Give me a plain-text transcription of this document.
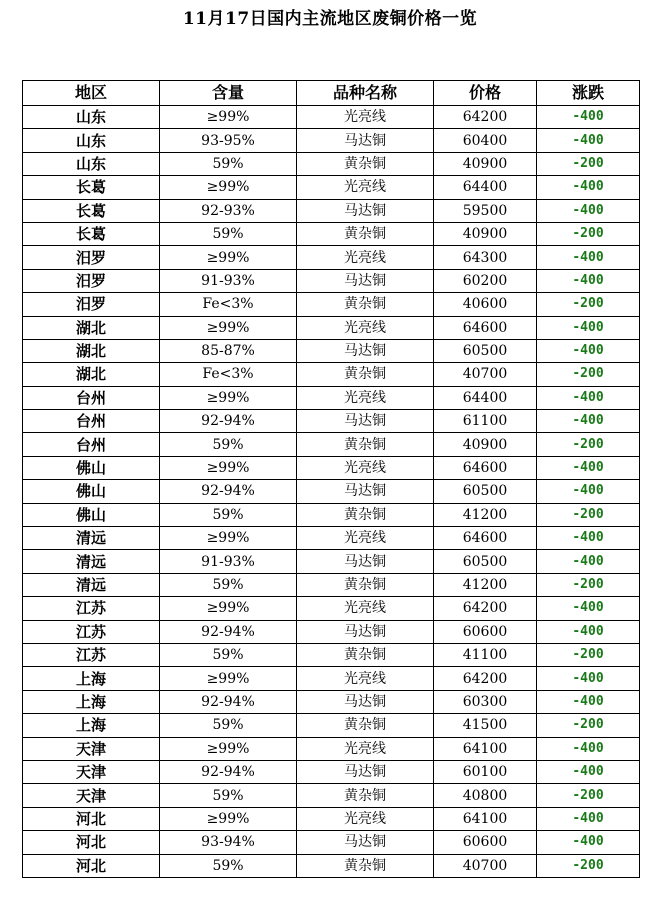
11月17日国内主流地区废铜价格一览
地区	含量	品种名称	价格	涨跌
山东	≥99%	光亮线	64200	-400
山东	93-95%	马达铜	60400	-400
山东	59%	黄杂铜	40900	-200
长葛	≥99%	光亮线	64400	-400
长葛	92-93%	马达铜	59500	-400
长葛	59%	黄杂铜	40900	-200
汨罗	≥99%	光亮线	64300	-400
汨罗	91-93%	马达铜	60200	-400
汨罗	Fe<3%	黄杂铜	40600	-200
湖北	≥99%	光亮线	64600	-400
湖北	85-87%	马达铜	60500	-400
湖北	Fe<3%	黄杂铜	40700	-200
台州	≥99%	光亮线	64400	-400
台州	92-94%	马达铜	61100	-400
台州	59%	黄杂铜	40900	-200
佛山	≥99%	光亮线	64600	-400
佛山	92-94%	马达铜	60500	-400
佛山	59%	黄杂铜	41200	-200
清远	≥99%	光亮线	64600	-400
清远	91-93%	马达铜	60500	-400
清远	59%	黄杂铜	41200	-200
江苏	≥99%	光亮线	64200	-400
江苏	92-94%	马达铜	60600	-400
江苏	59%	黄杂铜	41100	-200
上海	≥99%	光亮线	64200	-400
上海	92-94%	马达铜	60300	-400
上海	59%	黄杂铜	41500	-200
天津	≥99%	光亮线	64100	-400
天津	92-94%	马达铜	60100	-400
天津	59%	黄杂铜	40800	-200
河北	≥99%	光亮线	64100	-400
河北	93-94%	马达铜	60600	-400
河北	59%	黄杂铜	40700	-200
